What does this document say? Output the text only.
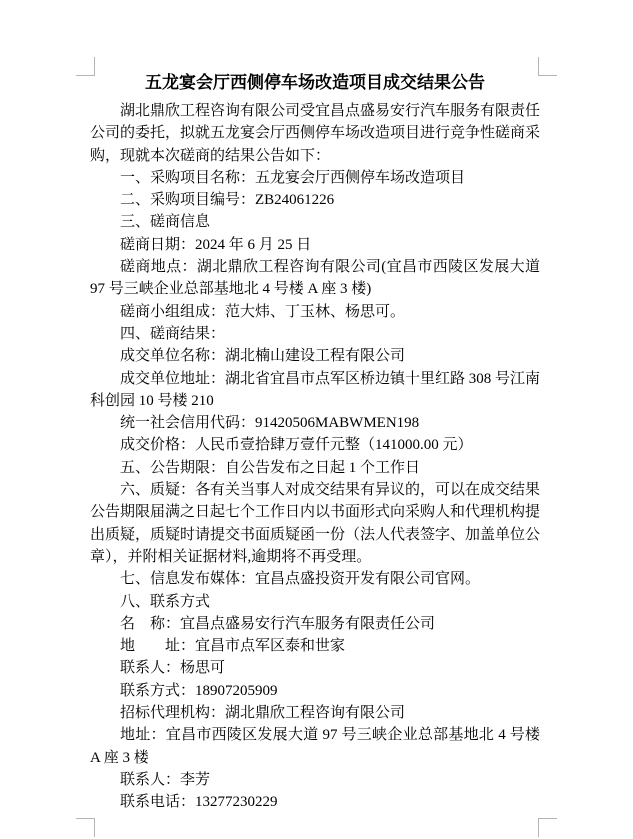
五龙宴会厅西侧停车场改造项目成交结果公告

湖北鼎欣工程咨询有限公司受宜昌点盛易安行汽车服务有限责任公司的委托，拟就五龙宴会厅西侧停车场改造项目进行竞争性磋商采购，现就本次磋商的结果公告如下：

一、采购项目名称：五龙宴会厅西侧停车场改造项目

二、采购项目编号：ZB24061226

三、磋商信息

磋商日期：2024 年 6 月 25 日

磋商地点：湖北鼎欣工程咨询有限公司(宜昌市西陵区发展大道 97 号三峡企业总部基地北 4 号楼 A 座 3 楼)

磋商小组组成：范大炜、丁玉林、杨思可。

四、磋商结果：

成交单位名称：湖北楠山建设工程有限公司

成交单位地址：湖北省宜昌市点军区桥边镇十里红路 308 号江南科创园 10 号楼 210

统一社会信用代码：91420506MABWMEN198

成交价格：人民币壹拾肆万壹仟元整（141000.00 元）

五、公告期限：自公告发布之日起 1 个工作日

六、质疑：各有关当事人对成交结果有异议的，可以在成交结果公告期限届满之日起七个工作日内以书面形式向采购人和代理机构提出质疑，质疑时请提交书面质疑函一份（法人代表签字、加盖单位公章），并附相关证据材料,逾期将不再受理。

七、信息发布媒体：宜昌点盛投资开发有限公司官网。

八、联系方式

名　称：宜昌点盛易安行汽车服务有限责任公司

地　　址：宜昌市点军区泰和世家

联系人：杨思可

联系方式：18907205909

招标代理机构：湖北鼎欣工程咨询有限公司

地址：宜昌市西陵区发展大道 97 号三峡企业总部基地北 4 号楼 A 座 3 楼

联系人：李芳

联系电话：13277230229
